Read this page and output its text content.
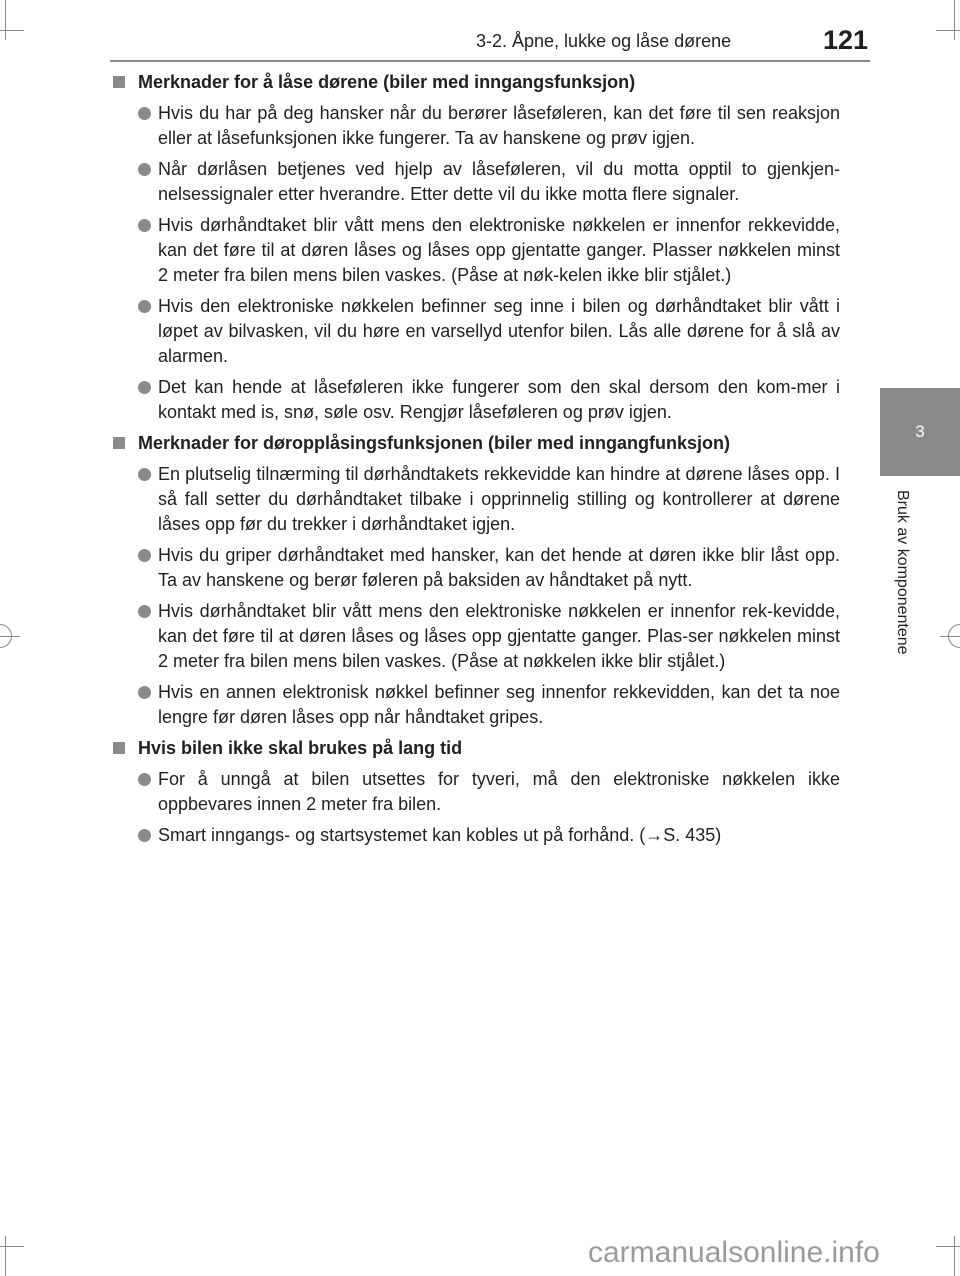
3-2. Åpne, lukke og låse dørene	121
3
Bruk av komponentene
Merknader for å låse dørene (biler med inngangsfunksjon)
Hvis du har på deg hansker når du berører låseføleren, kan det føre til sen reaksjon eller at låsefunksjonen ikke fungerer. Ta av hanskene og prøv igjen.
Når dørlåsen betjenes ved hjelp av låseføleren, vil du motta opptil to gjenkjen-nelsessignaler etter hverandre. Etter dette vil du ikke motta flere signaler.
Hvis dørhåndtaket blir vått mens den elektroniske nøkkelen er innenfor rekkevidde, kan det føre til at døren låses og låses opp gjentatte ganger. Plasser nøkkelen minst 2 meter fra bilen mens bilen vaskes. (Påse at nøk-kelen ikke blir stjålet.)
Hvis den elektroniske nøkkelen befinner seg inne i bilen og dørhåndtaket blir vått i løpet av bilvasken, vil du høre en varsellyd utenfor bilen. Lås alle dørene for å slå av alarmen.
Det kan hende at låseføleren ikke fungerer som den skal dersom den kom-mer i kontakt med is, snø, søle osv. Rengjør låseføleren og prøv igjen.
Merknader for døropplåsingsfunksjonen (biler med inngangfunksjon)
En plutselig tilnærming til dørhåndtakets rekkevidde kan hindre at dørene låses opp. I så fall setter du dørhåndtaket tilbake i opprinnelig stilling og kontrollerer at dørene låses opp før du trekker i dørhåndtaket igjen.
Hvis du griper dørhåndtaket med hansker, kan det hende at døren ikke blir låst opp. Ta av hanskene og berør føleren på baksiden av håndtaket på nytt.
Hvis dørhåndtaket blir vått mens den elektroniske nøkkelen er innenfor rek-kevidde, kan det føre til at døren låses og låses opp gjentatte ganger. Plas-ser nøkkelen minst 2 meter fra bilen mens bilen vaskes. (Påse at nøkkelen ikke blir stjålet.)
Hvis en annen elektronisk nøkkel befinner seg innenfor rekkevidden, kan det ta noe lengre før døren låses opp når håndtaket gripes.
Hvis bilen ikke skal brukes på lang tid
For å unngå at bilen utsettes for tyveri, må den elektroniske nøkkelen ikke oppbevares innen 2 meter fra bilen.
Smart inngangs- og startsystemet kan kobles ut på forhånd. (→S. 435)
carmanualsonline.info
